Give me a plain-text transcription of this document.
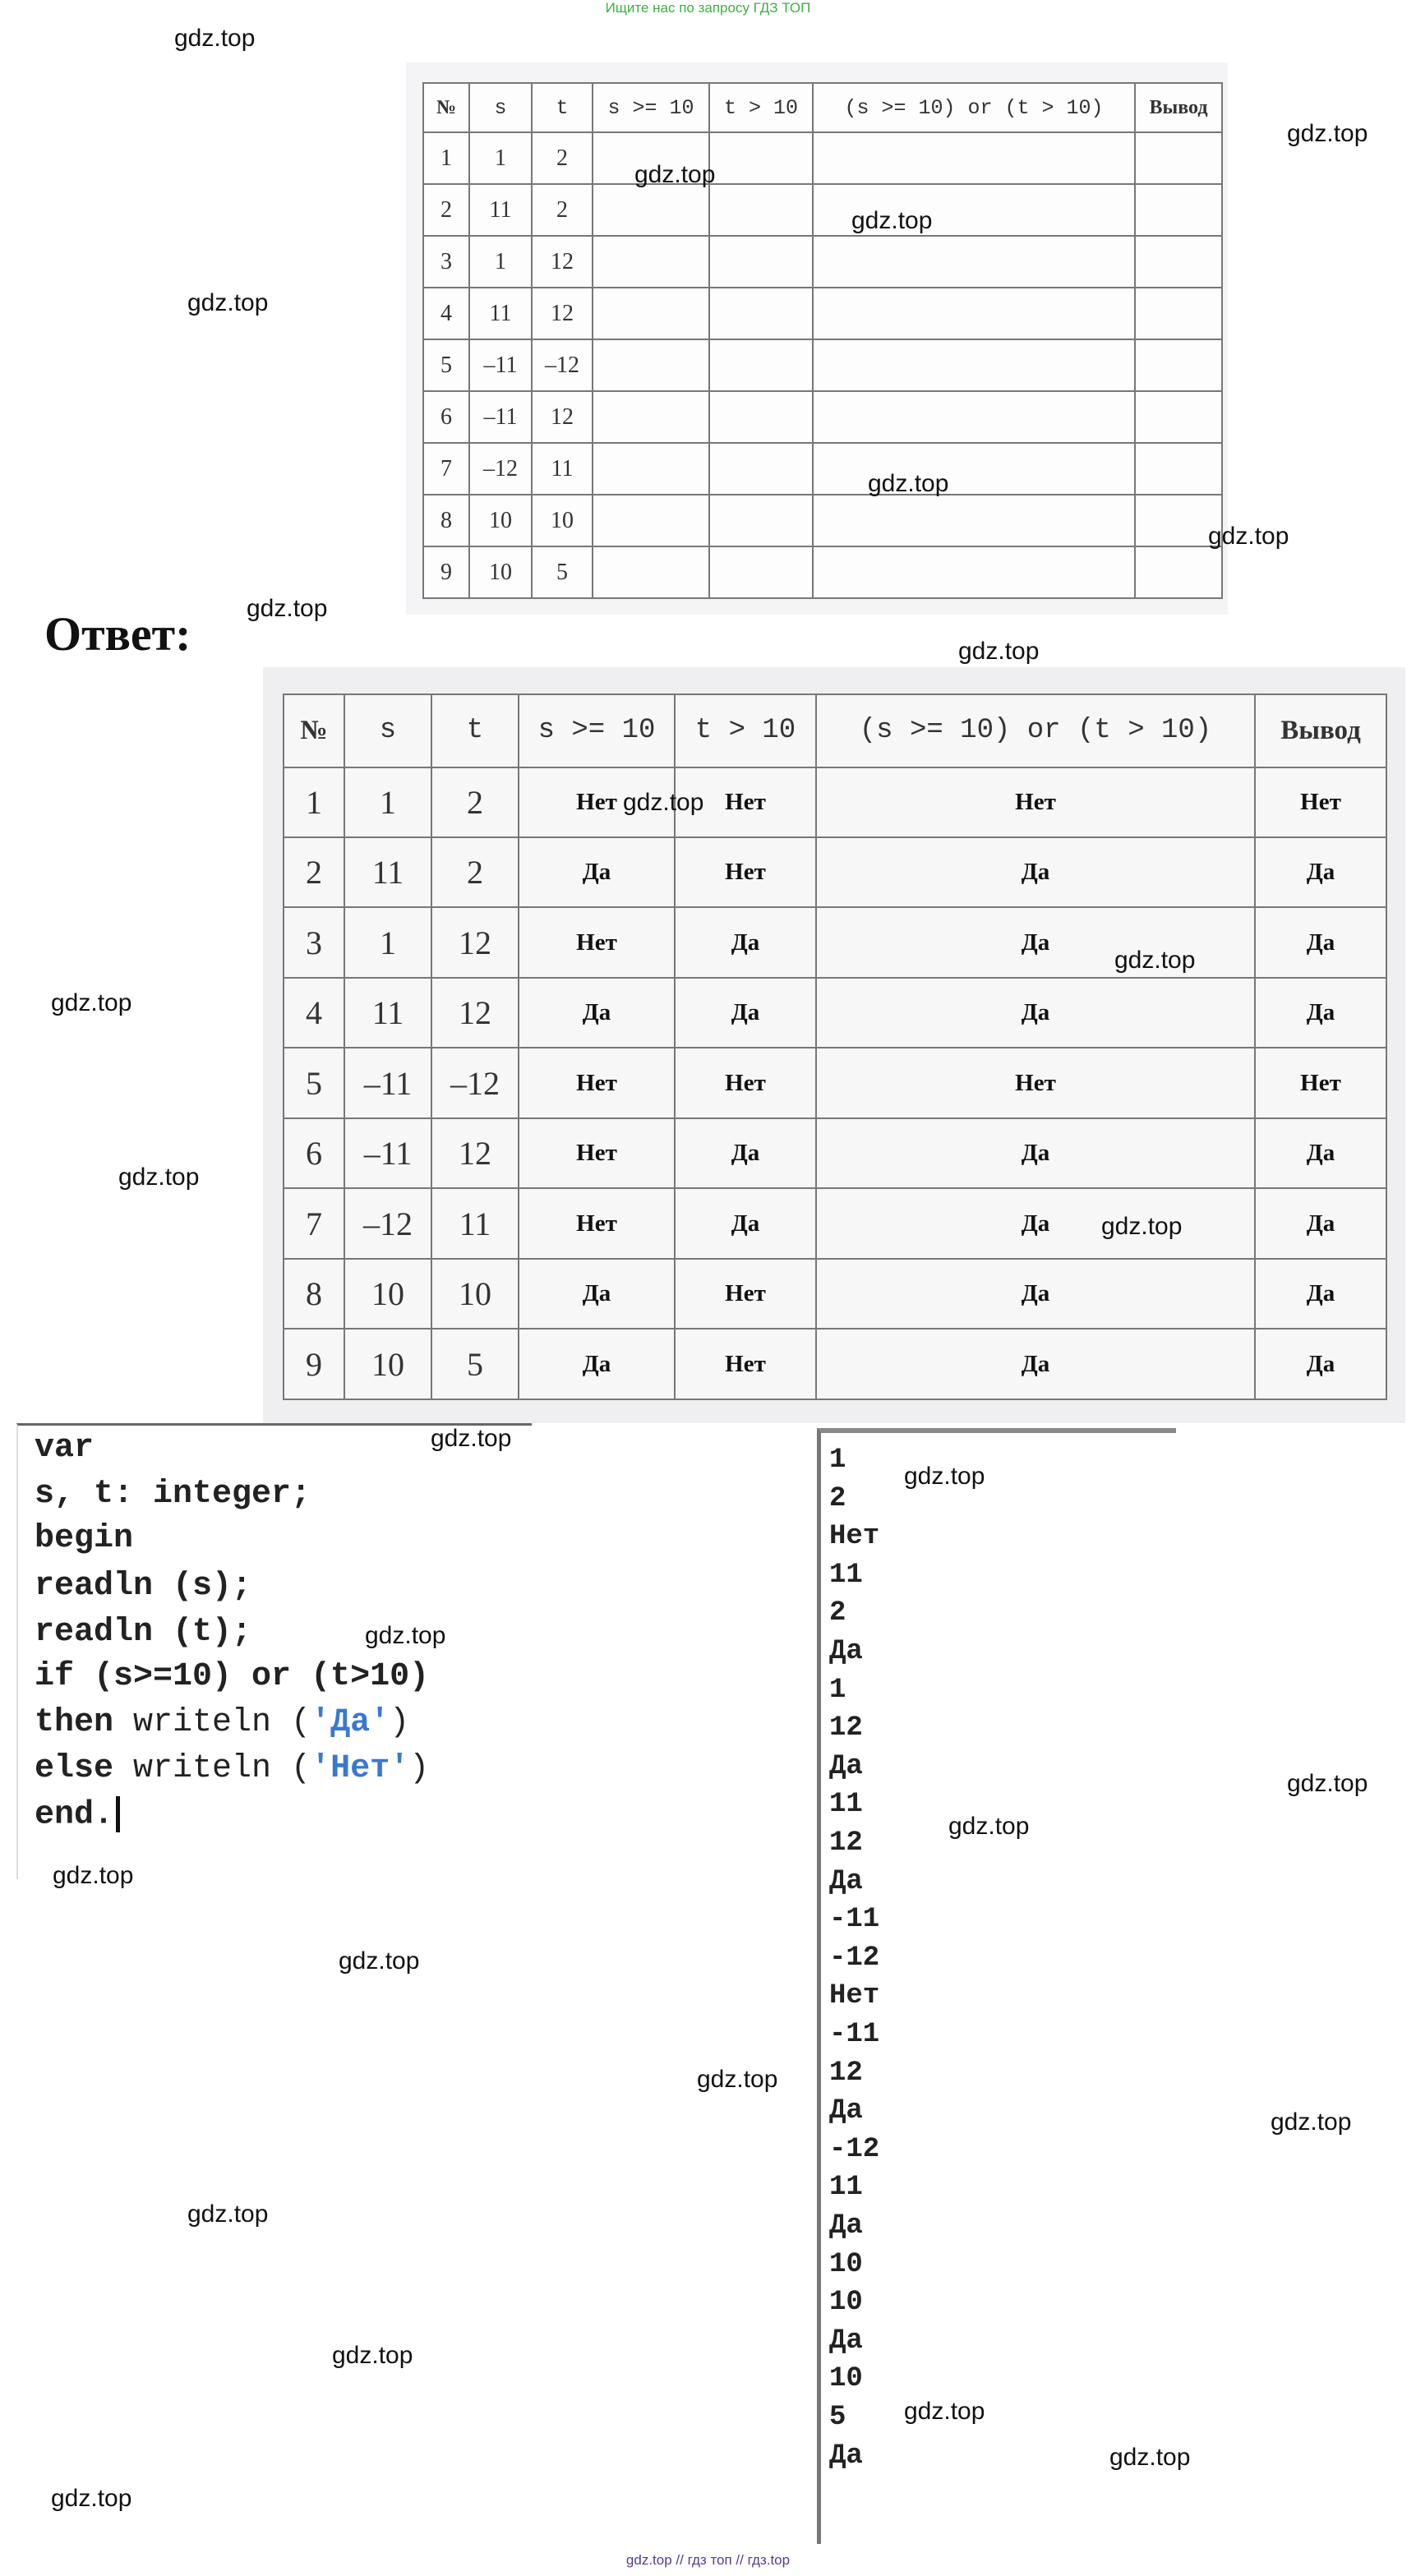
Ищите нас по запросу ГДЗ ТОП
№	s	t	s >= 10	t > 10	(s >= 10) or (t > 10)	Вывод
1	1	2				
2	11	2				
3	1	12				
4	11	12				
5	–11	–12				
6	–11	12				
7	–12	11				
8	10	10				
9	10	5				
Ответ:
№	s	t	s >= 10	t > 10	(s >= 10) or (t > 10)	Вывод
1	1	2	Нет	Нет	Нет	Нет
2	11	2	Да	Нет	Да	Да
3	1	12	Нет	Да	Да	Да
4	11	12	Да	Да	Да	Да
5	–11	–12	Нет	Нет	Нет	Нет
6	–11	12	Нет	Да	Да	Да
7	–12	11	Нет	Да	Да	Да
8	10	10	Да	Нет	Да	Да
9	10	5	Да	Нет	Да	Да
var
s, t: integer;
begin
readln (s);
readln (t);
if (s>=10) or (t>10)
then writeln ('Да')
else writeln ('Нет')
end.
1
2
Нет
11
2
Да
1
12
Да
11
12
Да
-11
-12
Нет
-11
12
Да
-12
11
Да
10
10
Да
10
5
Да
gdz.top
gdz.top
gdz.top
gdz.top
gdz.top
gdz.top
gdz.top
gdz.top
gdz.top
gdz.top
gdz.top
gdz.top
gdz.top
gdz.top
gdz.top
gdz.top
gdz.top
gdz.top
gdz.top
gdz.top
gdz.top
gdz.top
gdz.top
gdz.top
gdz.top
gdz.top
gdz.top
gdz.top
gdz.top // гдз топ // гдз.top
